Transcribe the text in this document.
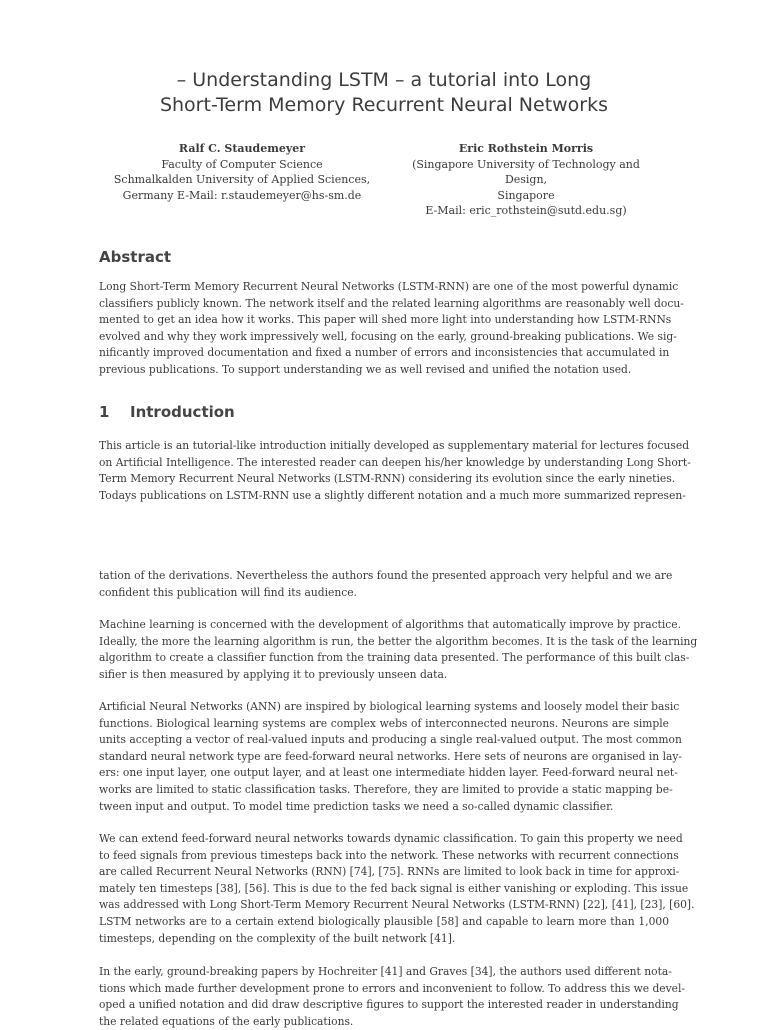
– Understanding LSTM – a tutorial into Long
Short-Term Memory Recurrent Neural Networks
Ralf C. Staudemeyer
Faculty of Computer Science
Schmalkalden University of Applied Sciences,
Germany E-Mail: r.staudemeyer@hs-sm.de
Eric Rothstein Morris
(Singapore University of Technology and Design,
Singapore
E-Mail: eric_rothstein@sutd.edu.sg)
Abstract
Long Short-Term Memory Recurrent Neural Networks (LSTM-RNN) are one of the most powerful dynamic
classifiers publicly known. The network itself and the related learning algorithms are reasonably well docu-
mented to get an idea how it works. This paper will shed more light into understanding how LSTM-RNNs
evolved and why they work impressively well, focusing on the early, ground-breaking publications. We sig-
nificantly improved documentation and fixed a number of errors and inconsistencies that accumulated in
previous publications. To support understanding we as well revised and unified the notation used.
1 Introduction
This article is an tutorial-like introduction initially developed as supplementary material for lectures focused
on Artificial Intelligence. The interested reader can deepen his/her knowledge by understanding Long Short-
Term Memory Recurrent Neural Networks (LSTM-RNN) considering its evolution since the early nineties.
Todays publications on LSTM-RNN use a slightly different notation and a much more summarized represen-
tation of the derivations. Nevertheless the authors found the presented approach very helpful and we are
confident this publication will find its audience.
Machine learning is concerned with the development of algorithms that automatically improve by practice.
Ideally, the more the learning algorithm is run, the better the algorithm becomes. It is the task of the learning
algorithm to create a classifier function from the training data presented. The performance of this built clas-
sifier is then measured by applying it to previously unseen data.
Artificial Neural Networks (ANN) are inspired by biological learning systems and loosely model their basic
functions. Biological learning systems are complex webs of interconnected neurons. Neurons are simple
units accepting a vector of real-valued inputs and producing a single real-valued output. The most common
standard neural network type are feed-forward neural networks. Here sets of neurons are organised in lay-
ers: one input layer, one output layer, and at least one intermediate hidden layer. Feed-forward neural net-
works are limited to static classification tasks. Therefore, they are limited to provide a static mapping be-
tween input and output. To model time prediction tasks we need a so-called dynamic classifier.
We can extend feed-forward neural networks towards dynamic classification. To gain this property we need
to feed signals from previous timesteps back into the network. These networks with recurrent connections
are called Recurrent Neural Networks (RNN) [74], [75]. RNNs are limited to look back in time for approxi-
mately ten timesteps [38], [56]. This is due to the fed back signal is either vanishing or exploding. This issue
was addressed with Long Short-Term Memory Recurrent Neural Networks (LSTM-RNN) [22], [41], [23], [60].
LSTM networks are to a certain extend biologically plausible [58] and capable to learn more than 1,000
timesteps, depending on the complexity of the built network [41].
In the early, ground-breaking papers by Hochreiter [41] and Graves [34], the authors used different nota-
tions which made further development prone to errors and inconvenient to follow. To address this we devel-
oped a unified notation and did draw descriptive figures to support the interested reader in understanding
the related equations of the early publications.
